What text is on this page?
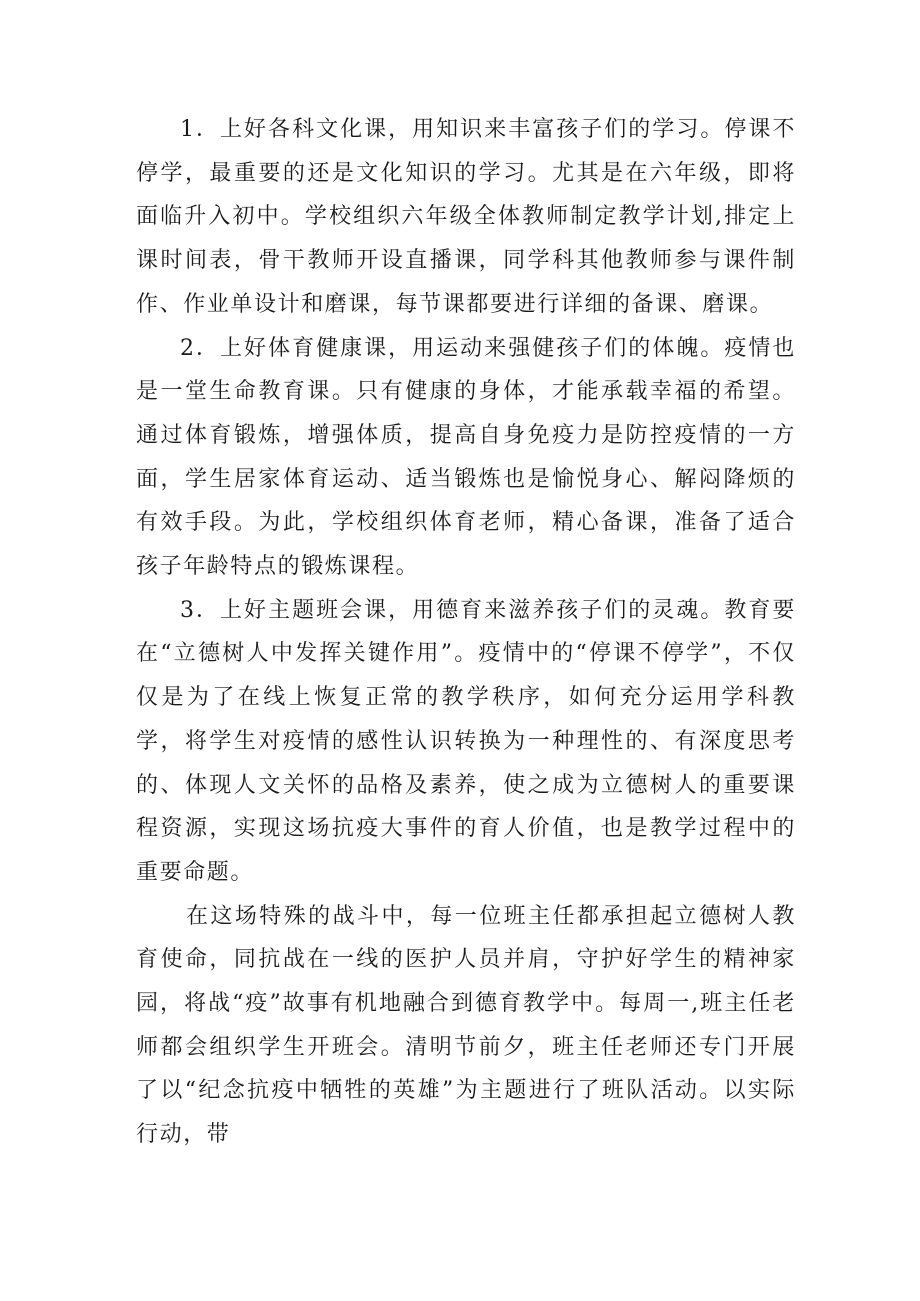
1．上好各科文化课，用知识来丰富孩子们的学习。停课不停学，最重要的还是文化知识的学习。尤其是在六年级，即将面临升入初中。学校组织六年级全体教师制定教学计划,排定上课时间表，骨干教师开设直播课，同学科其他教师参与课件制作、作业单设计和磨课，每节课都要进行详细的备课、磨课。

2．上好体育健康课，用运动来强健孩子们的体魄。疫情也是一堂生命教育课。只有健康的身体，才能承载幸福的希望。通过体育锻炼，增强体质，提高自身免疫力是防控疫情的一方面，学生居家体育运动、适当锻炼也是愉悦身心、解闷降烦的有效手段。为此，学校组织体育老师，精心备课，准备了适合孩子年龄特点的锻炼课程。

3．上好主题班会课，用德育来滋养孩子们的灵魂。教育要在“立德树人中发挥关键作用”。疫情中的“停课不停学”，不仅仅是为了在线上恢复正常的教学秩序，如何充分运用学科教学，将学生对疫情的感性认识转换为一种理性的、有深度思考的、体现人文关怀的品格及素养，使之成为立德树人的重要课程资源，实现这场抗疫大事件的育人价值，也是教学过程中的重要命题。

在这场特殊的战斗中，每一位班主任都承担起立德树人教育使命，同抗战在一线的医护人员并肩，守护好学生的精神家园，将战“疫”故事有机地融合到德育教学中。每周一,班主任老师都会组织学生开班会。清明节前夕，班主任老师还专门开展了以“纪念抗疫中牺牲的英雄”为主题进行了班队活动。以实际行动，带
